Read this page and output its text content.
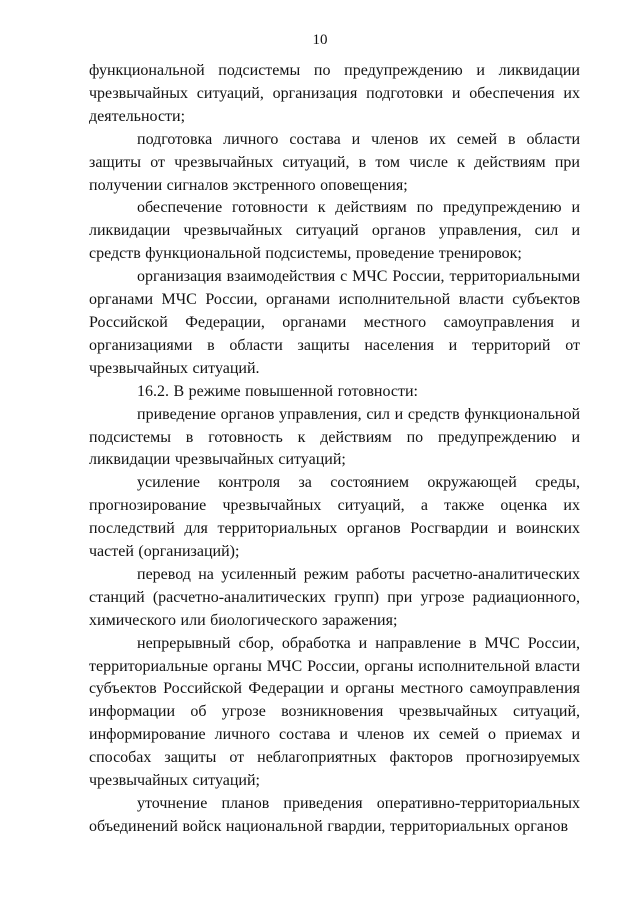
10

функциональной подсистемы по предупреждению и ликвидации чрезвычайных ситуаций, организация подготовки и обеспечения их деятельности;

подготовка личного состава и членов их семей в области защиты от чрезвычайных ситуаций, в том числе к действиям при получении сигналов экстренного оповещения;

обеспечение готовности к действиям по предупреждению и ликвидации чрезвычайных ситуаций органов управления, сил и средств функциональной подсистемы, проведение тренировок;

организация взаимодействия с МЧС России, территориальными органами МЧС России, органами исполнительной власти субъектов Российской Федерации, органами местного самоуправления и организациями в области защиты населения и территорий от чрезвычайных ситуаций.

16.2. В режиме повышенной готовности:

приведение органов управления, сил и средств функциональной подсистемы в готовность к действиям по предупреждению и ликвидации чрезвычайных ситуаций;

усиление контроля за состоянием окружающей среды, прогнозирование чрезвычайных ситуаций, а также оценка их последствий для территориальных органов Росгвардии и воинских частей (организаций);

перевод на усиленный режим работы расчетно-аналитических станций (расчетно-аналитических групп) при угрозе радиационного, химического или биологического заражения;

непрерывный сбор, обработка и направление в МЧС России, территориальные органы МЧС России, органы исполнительной власти субъектов Российской Федерации и органы местного самоуправления информации об угрозе возникновения чрезвычайных ситуаций, информирование личного состава и членов их семей о приемах и способах защиты от неблагоприятных факторов прогнозируемых чрезвычайных ситуаций;

уточнение планов приведения оперативно-территориальных объединений войск национальной гвардии, территориальных органов
